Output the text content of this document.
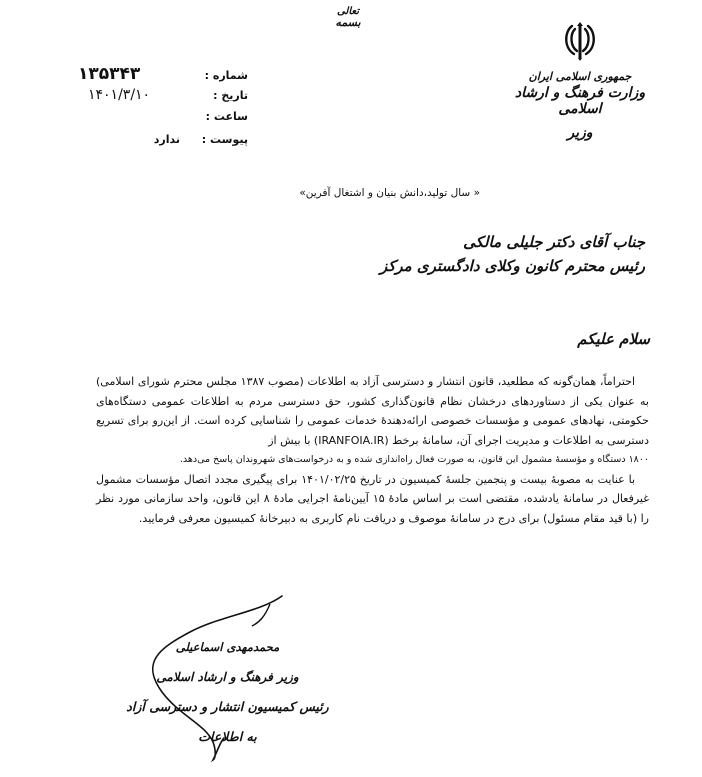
تعالی
بسمه
جمهوری اسلامی ایران
وزارت فرهنگ و ارشاد اسلامی
وزیر
شماره :
۱۳۵۳۴۳
تاریخ :
۱۴۰۱/۳/۱۰
ساعت :
پیوست :
ندارد
« سال تولید،دانش بنیان و اشتغال آفرین»
جناب آقای دکتر جلیلی مالکی
رئیس محترم کانون وکلای دادگستری مرکز
سلام علیکم

احتراماً، همان‌گونه که مطلعید، قانون انتشار و دسترسی آزاد به اطلاعات (مصوب ۱۳۸۷ مجلس محترم شورای اسلامی) به عنوان یکی از دستاوردهای درخشان نظام قانون‌گذاری کشور، حق دسترسی مردم به اطلاعات عمومی دستگاه‌های حکومتی، نهادهای عمومی و مؤسسات خصوصی ارائه‌دهندهٔ خدمات عمومی را شناسایی کرده است. از این‌رو برای تسریع دسترسی به اطلاعات و مدیریت اجرای آن، سامانهٔ برخط (IRANFOIA.IR) با بیش از

۱۸۰۰ دستگاه و مؤسسهٔ مشمول این قانون، به صورت فعال راه‌اندازی شده و به درخواست‌های شهروندان پاسخ می‌دهد.

با عنایت به مصوبهٔ بیست و پنجمین جلسهٔ کمیسیون در تاریخ ۱۴۰۱/۰۲/۲۵ برای پیگیری مجدد اتصال مؤسسات مشمول غیرفعال در سامانهٔ یادشده، مقتضی است بر اساس مادهٔ ۱۵ آیین‌نامهٔ اجرایی مادهٔ ۸ این قانون، واحد سازمانی مورد نظر را (با قید مقام مسئول) برای درج در سامانهٔ موصوف و دریافت نام کاربری به دبیرخانهٔ کمیسیون معرفی فرمایید.

محمدمهدی اسماعیلی
وزیر فرهنگ و ارشاد اسلامی
رئیس کمیسیون انتشار و دسترسی آزاد به اطلاعات
